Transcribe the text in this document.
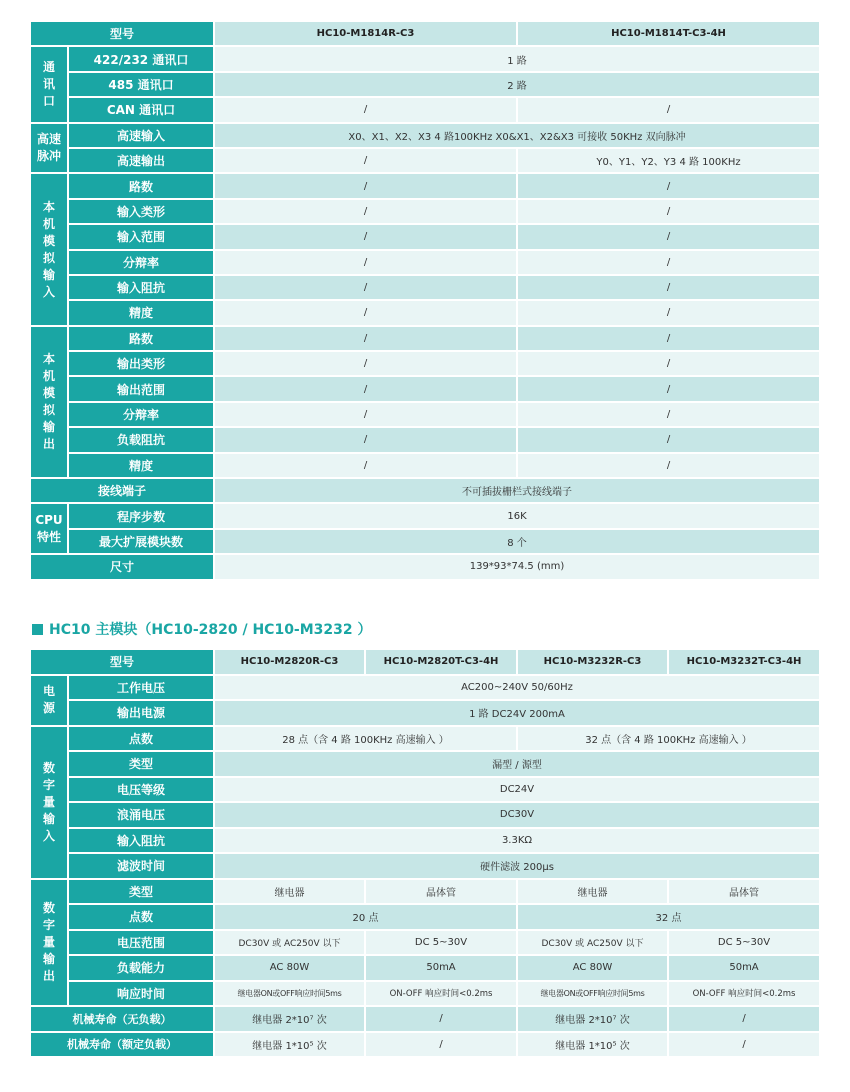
型号		HC10-M1814R-C3	HC10-M1814T-C3-4H
通讯口	422/232 通讯口	1 路	
	485 通讯口	2 路	
	CAN 通讯口	/	/
高速脉冲	高速输入	X0、X1、X2、X3 4 路100KHz X0&X1、X2&X3 可接收 50KHz 双向脉冲	
	高速输出	/	Y0、Y1、Y2、Y3 4 路 100KHz
本机模拟输入	路数	/	/
	输入类形	/	/
	输入范围	/	/
	分辩率	/	/
	输入阻抗	/	/
	精度	/	/
本机模拟输出	路数	/	/
	输出类形	/	/
	输出范围	/	/
	分辩率	/	/
	负载阻抗	/	/
	精度	/	/
接线端子		不可插拔栅栏式接线端子	
CPU 特性	程序步数	16K	
	最大扩展模块数	8 个	
尺寸		139*93*74.5 (mm)	
HC10 主模块（HC10-2820 / HC10-M3232 ）
型号		HC10-M2820R-C3	HC10-M2820T-C3-4H	HC10-M3232R-C3	HC10-M3232T-C3-4H
电源	工作电压	AC200~240V 50/60Hz			
	输出电源	1 路 DC24V 200mA			
数字量输入	点数	28 点（含 4 路 100KHz 高速输入 ）		32 点（含 4 路 100KHz 高速输入 ）	
	类型	漏型 / 源型			
	电压等级	DC24V			
	浪涌电压	DC30V			
	输入阻抗	3.3KΩ			
	滤波时间	硬件滤波 200μs			
数字量输出	类型	继电器	晶体管	继电器	晶体管
	点数	20 点		32 点	
	电压范围	DC30V 或 AC250V 以下	DC 5~30V	DC30V 或 AC250V 以下	DC 5~30V
	负载能力	AC 80W	50mA	AC 80W	50mA
	响应时间	继电器ON或OFF响应时间5ms	ON-OFF 响应时间<0.2ms	继电器ON或OFF响应时间5ms	ON-OFF 响应时间<0.2ms
机械寿命（无负载）		继电器 2*10⁷ 次	/	继电器 2*10⁷ 次	/
机械寿命（额定负载）		继电器 1*10⁵ 次	/	继电器 1*10⁵ 次	/
